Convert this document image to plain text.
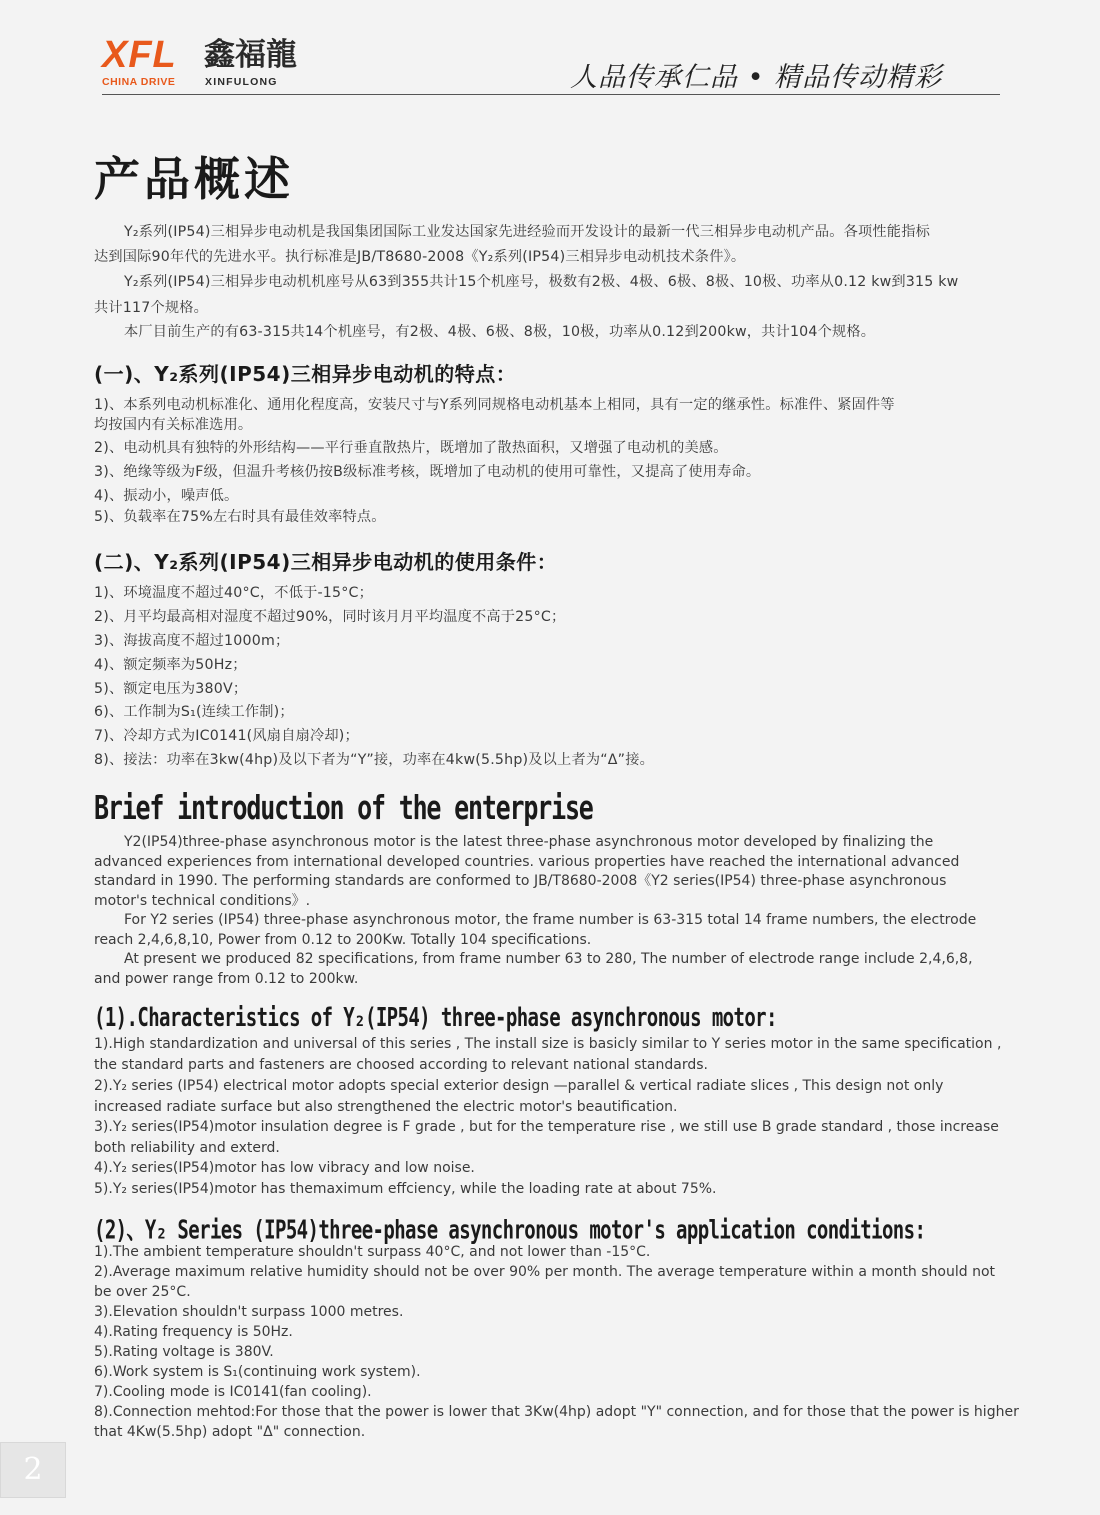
XFL 鑫福龍
CHINA DRIVE	XINFULONG	人品传承仁品 • 精品传动精彩
产品概述

Y₂系列(IP54)三相异步电动机是我国集团国际工业发达国家先进经验而开发设计的最新一代三相异步电动机产品。各项性能指标

达到国际90年代的先进水平。执行标准是JB/T8680-2008《Y₂系列(IP54)三相异步电动机技术条件》。

Y₂系列(IP54)三相异步电动机机座号从63到355共计15个机座号，极数有2极、4极、6极、8极、10极、功率从0.12 kw到315 kw

共计117个规格。

本厂目前生产的有63-315共14个机座号，有2极、4极、6极、8极，10极，功率从0.12到200kw，共计104个规格。

(一)、Y₂系列(IP54)三相异步电动机的特点：

1)、本系列电动机标准化、通用化程度高，安装尺寸与Y系列同规格电动机基本上相同，具有一定的继承性。标准件、紧固件等

均按国内有关标准选用。

2)、电动机具有独特的外形结构——平行垂直散热片，既增加了散热面积，又增强了电动机的美感。

3)、绝缘等级为F级，但温升考核仍按B级标准考核，既增加了电动机的使用可靠性，又提高了使用寿命。

4)、振动小，噪声低。

5)、负载率在75%左右时具有最佳效率特点。

(二)、Y₂系列(IP54)三相异步电动机的使用条件：

1)、环境温度不超过40°C，不低于-15°C；

2)、月平均最高相对湿度不超过90%，同时该月月平均温度不高于25°C；

3)、海拔高度不超过1000m；

4)、额定频率为50Hz；

5)、额定电压为380V；

6)、工作制为S₁(连续工作制)；

7)、冷却方式为IC0141(风扇自扇冷却)；

8)、接法：功率在3kw(4hp)及以下者为“Y”接，功率在4kw(5.5hp)及以上者为“Δ”接。

Brief introduction of the enterprise

Y2(IP54)three-phase asynchronous motor is the latest three-phase asynchronous motor developed by finalizing the

advanced experiences from international developed countries. various properties have reached the international advanced

standard in 1990. The performing standards are conformed to JB/T8680-2008《Y2 series(IP54) three-phase asynchronous

motor's technical conditions》.

For Y2 series (IP54) three-phase asynchronous motor, the frame number is 63-315 total 14 frame numbers, the electrode

reach 2,4,6,8,10, Power from 0.12 to 200Kw. Totally 104 specifications.

At present we produced 82 specifications, from frame number 63 to 280, The number of electrode range include 2,4,6,8,

and power range from 0.12 to 200kw.

(1).Characteristics of Y₂(IP54) three-phase asynchronous motor:

1).High standardization and universal of this series , The install size is basicly similar to Y series motor in the same specification ,

the standard parts and fasteners are choosed according to relevant national standards.

2).Y₂ series (IP54) electrical motor adopts special exterior design —parallel & vertical radiate slices , This design not only

increased radiate surface but also strengthened the electric motor's beautification.

3).Y₂ series(IP54)motor insulation degree is F grade , but for the temperature rise , we still use B grade standard , those increase

both reliability and exterd.

4).Y₂ series(IP54)motor has low vibracy and low noise.

5).Y₂ series(IP54)motor has themaximum effciency, while the loading rate at about 75%.

(2)、Y₂ Series (IP54)three-phase asynchronous motor's application conditions:

1).The ambient temperature shouldn't surpass 40°C, and not lower than -15°C.

2).Average maximum relative humidity should not be over 90% per month. The average temperature within a month should not

be over 25°C.

3).Elevation shouldn't surpass 1000 metres.

4).Rating frequency is 50Hz.

5).Rating voltage is 380V.

6).Work system is S₁(continuing work system).

7).Cooling mode is IC0141(fan cooling).

8).Connection mehtod:For those that the power is lower that 3Kw(4hp) adopt "Y" connection, and for those that the power is higher

that 4Kw(5.5hp) adopt "Δ" connection.

2
